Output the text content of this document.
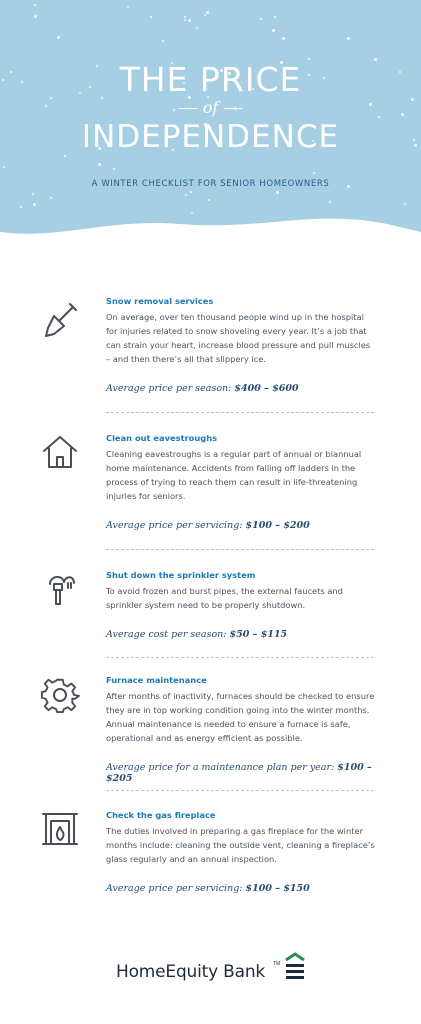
THE PRICE
of
INDEPENDENCE
A WINTER CHECKLIST FOR SENIOR HOMEOWNERS
Snow removal services

On average, over ten thousand people wind up in the hospital for injuries related to snow shoveling every year. It’s a job that can strain your heart, increase blood pressure and pull muscles – and then there’s all that slippery ice.

Average price per season: $400 – $600
Clean out eavestroughs

Cleaning eavestroughs is a regular part of annual or biannual home maintenance. Accidents from falling off ladders in the process of trying to reach them can result in life-threatening injuries for seniors.

Average price per servicing: $100 – $200
Shut down the sprinkler system

To avoid frozen and burst pipes, the external faucets and sprinkler system need to be properly shutdown.

Average cost per season: $50 – $115
Furnace maintenance

After months of inactivity, furnaces should be checked to ensure they are in top working condition going into the winter months. Annual maintenance is needed to ensure a furnace is safe, operational and as energy efficient as possible.

Average price for a maintenance plan per year: $100 – $205
Check the gas fireplace

The duties involved in preparing a gas fireplace for the winter months include: cleaning the outside vent, cleaning a fireplace’s glass regularly and an annual inspection.

Average price per servicing: $100 – $150
HomeEquity Bank TM
